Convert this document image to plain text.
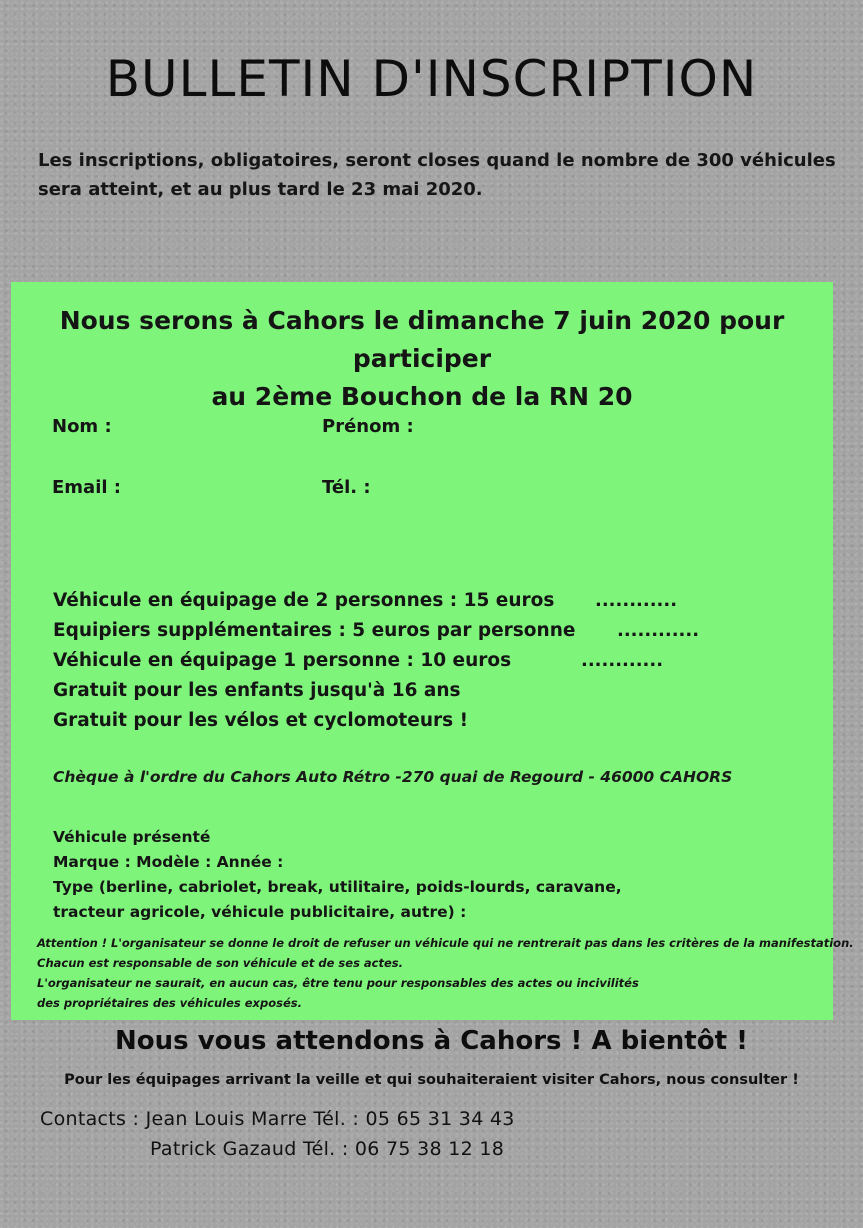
BULLETIN D'INSCRIPTION

Les inscriptions, obligatoires, seront closes quand le nombre de 300 véhicules sera atteint, et au plus tard le 23 mai 2020.

Nous serons à Cahors le dimanche 7 juin 2020 pour participer
au 2ème Bouchon de la RN 20
Nom :	Prénom :
Email :	Tél. :
Véhicule en équipage de 2 personnes : 15 euros ............
Equipiers supplémentaires : 5 euros par personne ............
Véhicule en équipage 1 personne : 10 euros	............
Gratuit pour les enfants jusqu'à 16 ans
Gratuit pour les vélos et cyclomoteurs !
Chèque à l'ordre du Cahors Auto Rétro -270 quai de Regourd - 46000 CAHORS
Véhicule présenté
Marque : Modèle : Année :
Type (berline, cabriolet, break, utilitaire, poids-lourds, caravane,
tracteur agricole, véhicule publicitaire, autre) :
Attention ! L'organisateur se donne le droit de refuser un véhicule qui ne rentrerait pas dans les critères de la manifestation.
Chacun est responsable de son véhicule et de ses actes.
L'organisateur ne saurait, en aucun cas, être tenu pour responsables des actes ou incivilités
des propriétaires des véhicules exposés.
Nous vous attendons à Cahors ! A bientôt !
Pour les équipages arrivant la veille et qui souhaiteraient visiter Cahors, nous consulter !
Contacts : Jean Louis Marre Tél. : 05 65 31 34 43
Patrick Gazaud Tél. : 06 75 38 12 18
